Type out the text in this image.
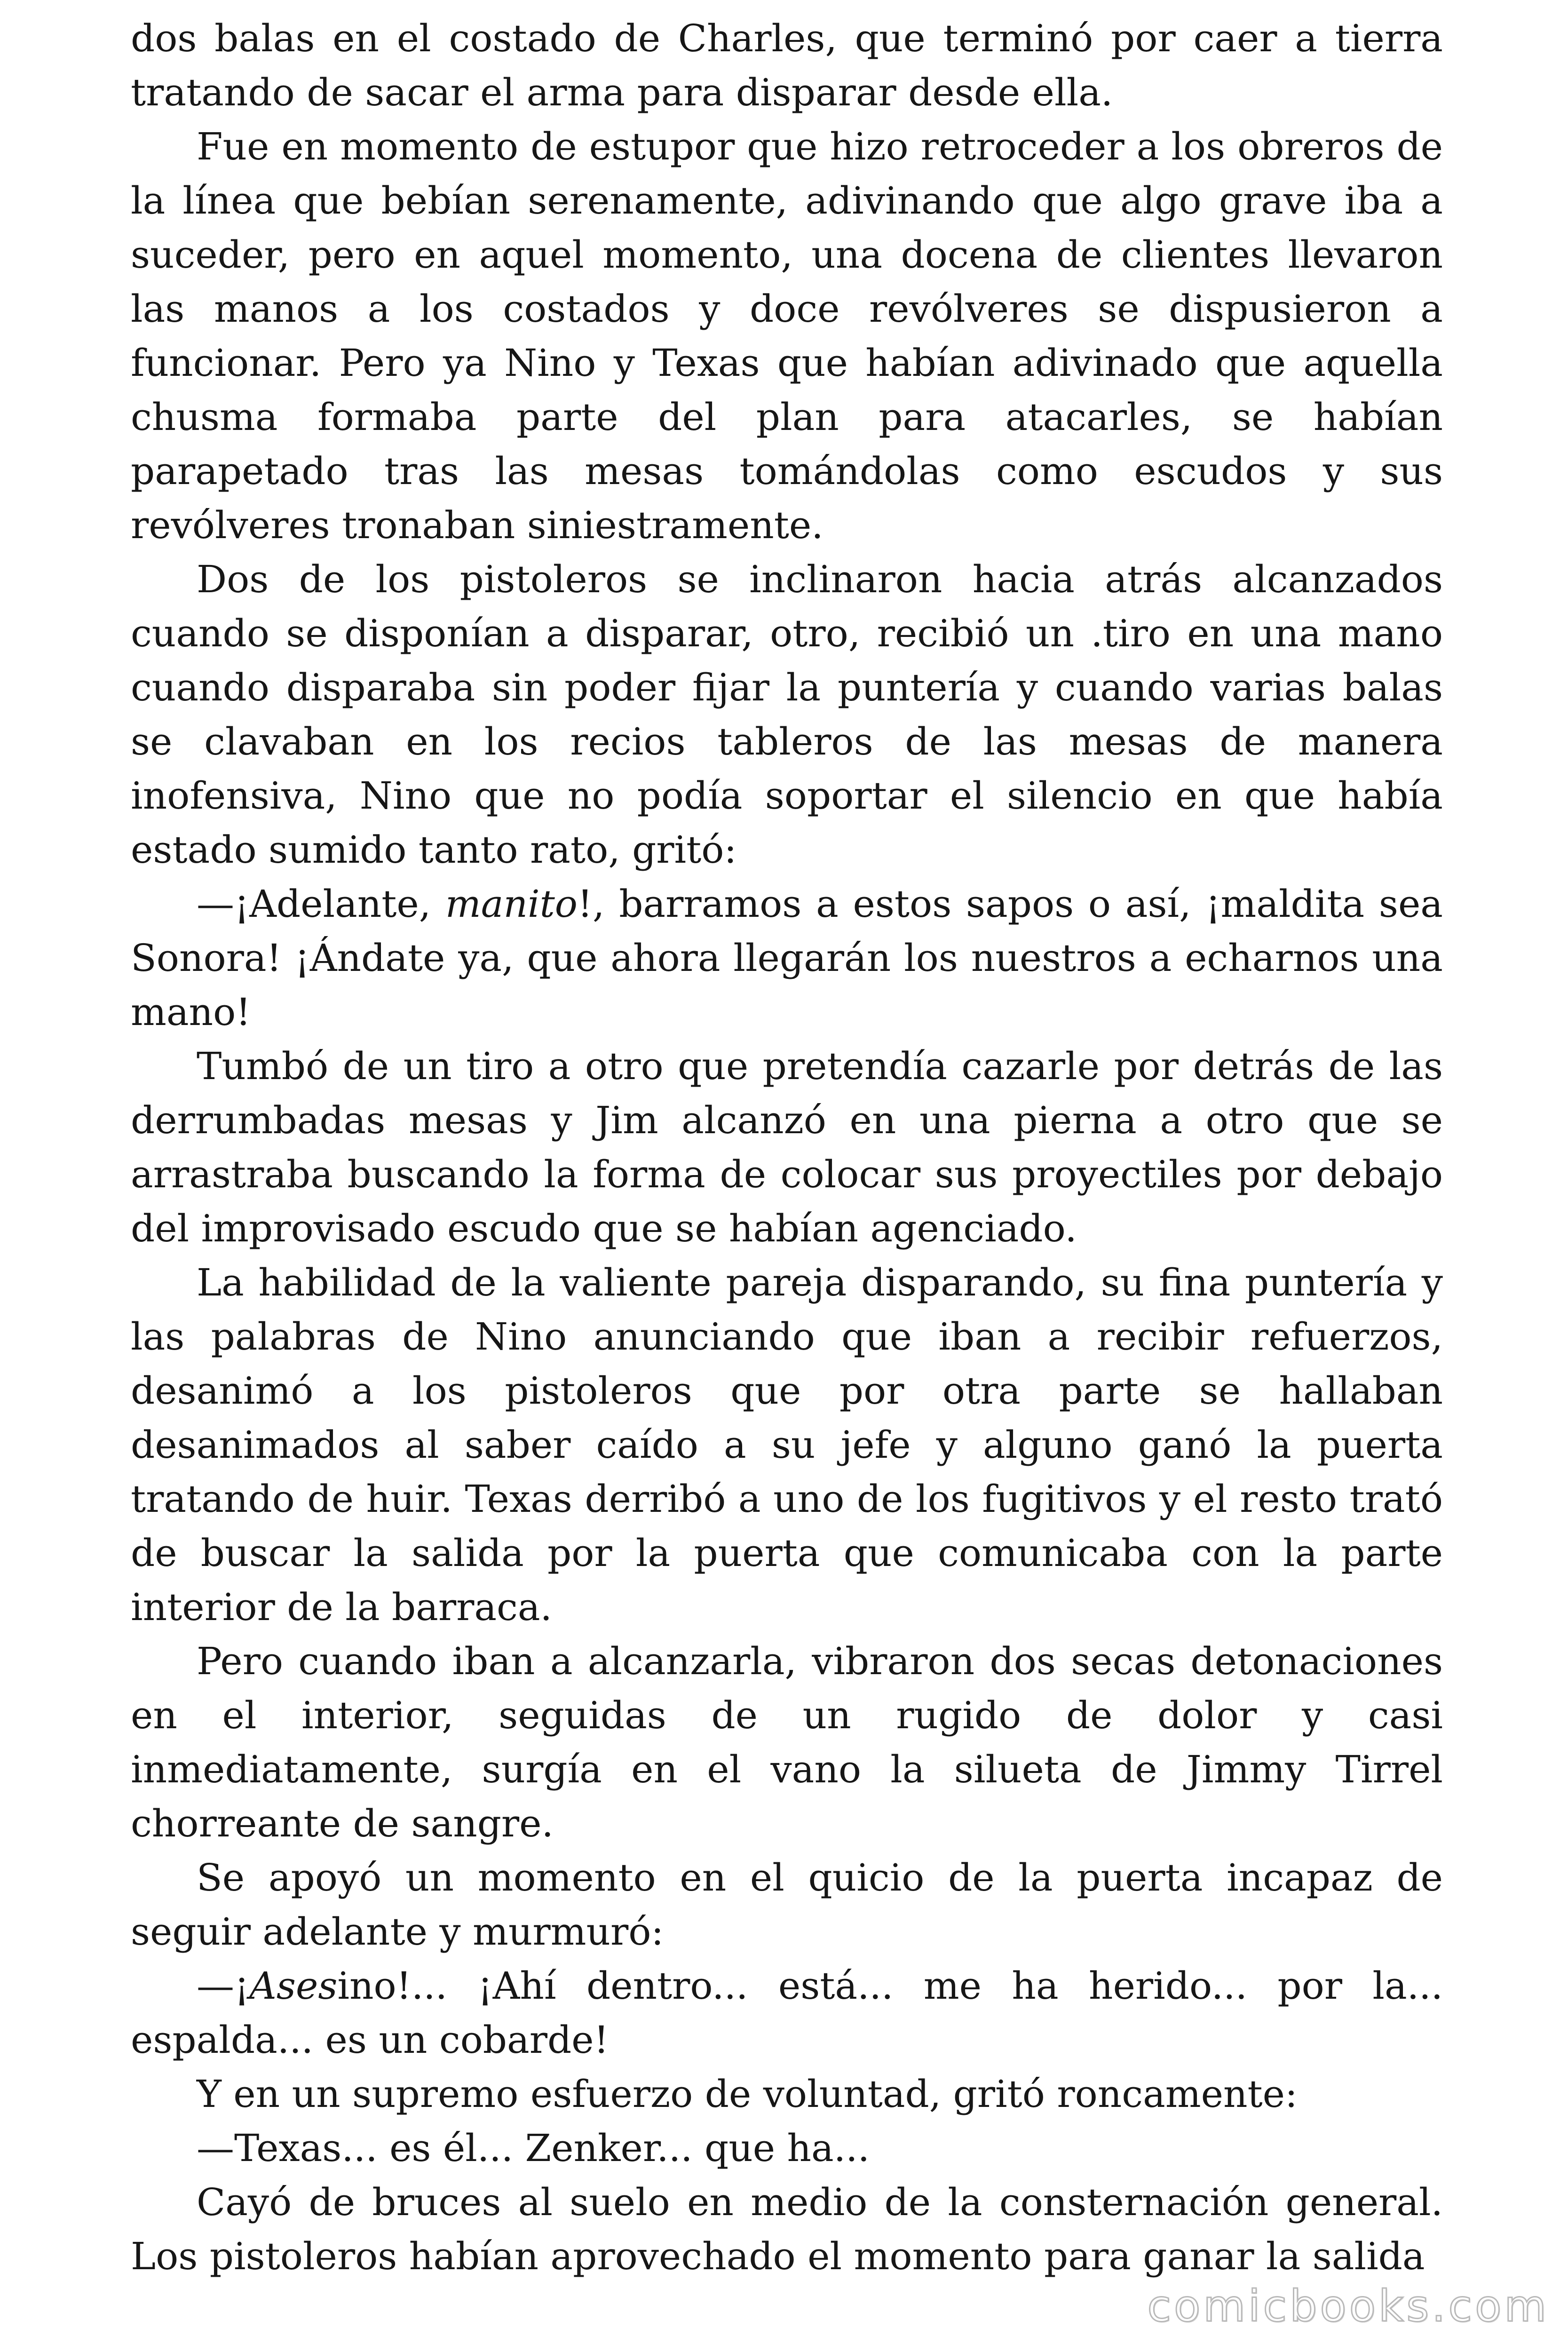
dos balas en el costado de Charles, que terminó por caer a tierra tratando de sacar el arma para disparar desde ella.

Fue en momento de estupor que hizo retroceder a los obreros de la línea que bebían serenamente, adivinando que algo grave iba a suceder, pero en aquel momento, una docena de clientes llevaron las manos a los costados y doce revólveres se dispusieron a funcionar. Pero ya Nino y Texas que habían adivinado que aquella chusma formaba parte del plan para atacarles, se habían parapetado tras las mesas tomándolas como escudos y sus revólveres tronaban siniestramente.

Dos de los pistoleros se inclinaron hacia atrás alcanzados cuando se disponían a disparar, otro, recibió un .tiro en una mano cuando disparaba sin poder fijar la puntería y cuando varias balas se clavaban en los recios tableros de las mesas de manera inofensiva, Nino que no podía soportar el silencio en que había estado sumido tanto rato, gritó:

—¡Adelante, manito!, barramos a estos sapos o así, ¡maldita sea Sonora! ¡Ándate ya, que ahora llegarán los nuestros a echarnos una mano!

Tumbó de un tiro a otro que pretendía cazarle por detrás de las derrumbadas mesas y Jim alcanzó en una pierna a otro que se arrastraba buscando la forma de colocar sus proyectiles por debajo del improvisado escudo que se habían agenciado.

La habilidad de la valiente pareja disparando, su fina puntería y las palabras de Nino anunciando que iban a recibir refuerzos, desanimó a los pistoleros que por otra parte se hallaban desanimados al saber caído a su jefe y alguno ganó la puerta tratando de huir. Texas derribó a uno de los fugitivos y el resto trató de buscar la salida por la puerta que comunicaba con la parte interior de la barraca.

Pero cuando iban a alcanzarla, vibraron dos secas detonaciones en el interior, seguidas de un rugido de dolor y casi inmediatamente, surgía en el vano la silueta de Jimmy Tirrel chorreante de sangre.

Se apoyó un momento en el quicio de la puerta incapaz de seguir adelante y murmuró:

—¡Asesino!... ¡Ahí dentro... está... me ha herido... por la... espalda... es un cobarde!

Y en un supremo esfuerzo de voluntad, gritó roncamente:

—Texas... es él... Zenker... que ha...

Cayó de bruces al suelo en medio de la consternación general. Los pistoleros habían aprovechado el momento para ganar la salida

comicbooks.com
